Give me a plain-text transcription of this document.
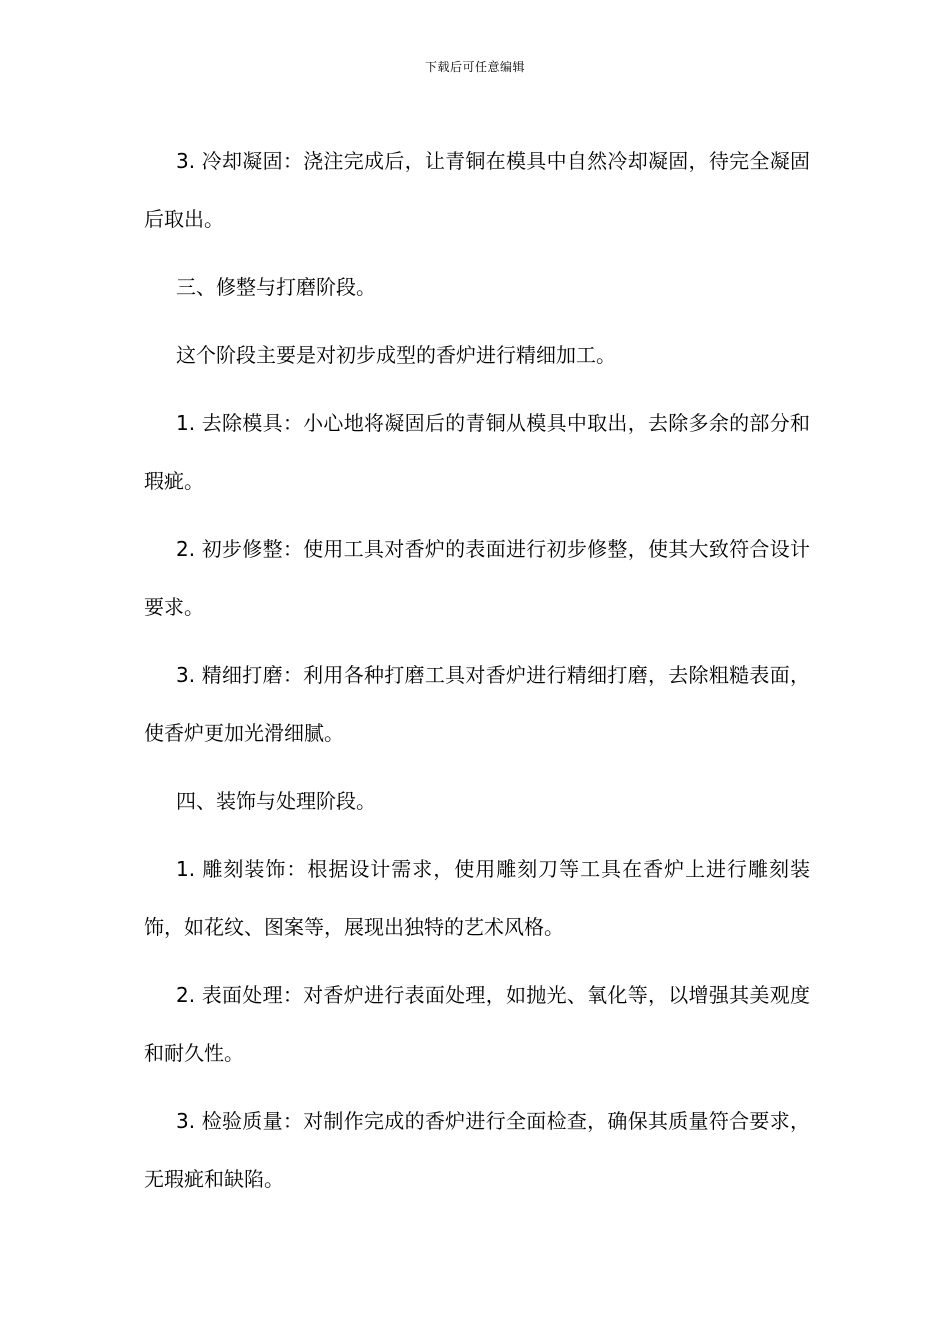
下载后可任意编辑

3. 冷却凝固：浇注完成后，让青铜在模具中自然冷却凝固，待完全凝固后取出。

三、修整与打磨阶段。

这个阶段主要是对初步成型的香炉进行精细加工。

1. 去除模具：小心地将凝固后的青铜从模具中取出，去除多余的部分和瑕疵。

2. 初步修整：使用工具对香炉的表面进行初步修整，使其大致符合设计要求。

3. 精细打磨：利用各种打磨工具对香炉进行精细打磨，去除粗糙表面，使香炉更加光滑细腻。

四、装饰与处理阶段。

1. 雕刻装饰：根据设计需求，使用雕刻刀等工具在香炉上进行雕刻装饰，如花纹、图案等，展现出独特的艺术风格。

2. 表面处理：对香炉进行表面处理，如抛光、氧化等，以增强其美观度和耐久性。

3. 检验质量：对制作完成的香炉进行全面检查，确保其质量符合要求，无瑕疵和缺陷。
